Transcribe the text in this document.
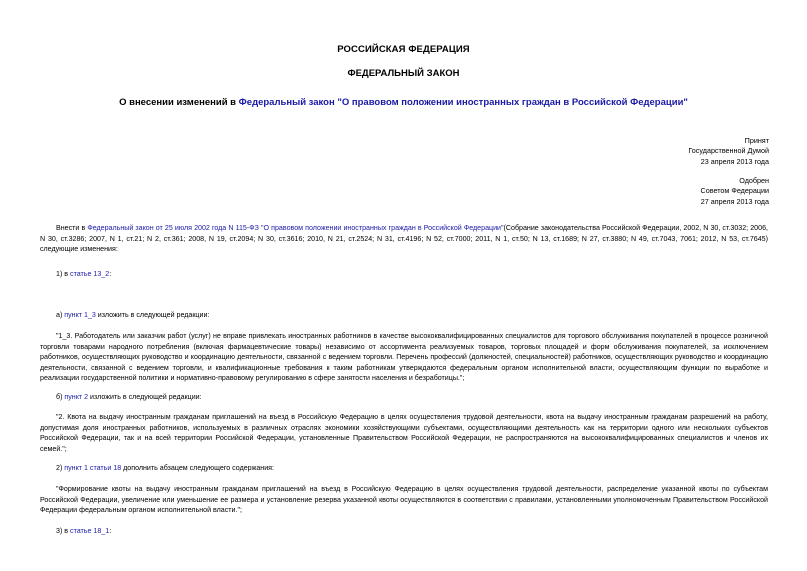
РОССИЙСКАЯ ФЕДЕРАЦИЯ
ФЕДЕРАЛЬНЫЙ ЗАКОН
О внесении изменений в Федеральный закон "О правовом положении иностранных граждан в Российской Федерации"
Принят
Государственной Думой
23 апреля 2013 года
Одобрен
Советом Федерации
27 апреля 2013 года
Внести в Федеральный закон от 25 июля 2002 года N 115-ФЗ "О правовом положении иностранных граждан в Российской Федерации"(Собрание законодательства Российской Федерации, 2002, N 30, ст.3032; 2006, N 30, ст.3286; 2007, N 1, ст.21; N 2, ст.361; 2008, N 19, ст.2094; N 30, ст.3616; 2010, N 21, ст.2524; N 31, ст.4196; N 52, ст.7000; 2011, N 1, ст.50; N 13, ст.1689; N 27, ст.3880; N 49, ст.7043, 7061; 2012, N 53, ст.7645) следующие изменения:
1) в статье 13_2:
а) пункт 1_3 изложить в следующей редакции:
"1_3. Работодатель или заказчик работ (услуг) не вправе привлекать иностранных работников в качестве высококвалифицированных специалистов для торгового обслуживания покупателей в процессе розничной торговли товарами народного потребления (включая фармацевтические товары) независимо от ассортимента реализуемых товаров, торговых площадей и форм обслуживания покупателей, за исключением работников, осуществляющих руководство и координацию деятельности, связанной с ведением торговли. Перечень профессий (должностей, специальностей) работников, осуществляющих руководство и координацию деятельности, связанной с ведением торговли, и квалификационные требования к таким работникам утверждаются федеральным органом исполнительной власти, осуществляющим функции по выработке и реализации государственной политики и нормативно-правовому регулированию в сфере занятости населения и безработицы.";
б) пункт 2 изложить в следующей редакции:
"2. Квота на выдачу иностранным гражданам приглашений на въезд в Российскую Федерацию в целях осуществления трудовой деятельности, квота на выдачу иностранным гражданам разрешений на работу, допустимая доля иностранных работников, используемых в различных отраслях экономики хозяйствующими субъектами, осуществляющими деятельность как на территории одного или нескольких субъектов Российской Федерации, так и на всей территории Российской Федерации, установленные Правительством Российской Федерации, не распространяются на высококвалифицированных специалистов и членов их семей.";
2) пункт 1 статьи 18 дополнить абзацем следующего содержания:
"Формирование квоты на выдачу иностранным гражданам приглашений на въезд в Российскую Федерацию в целях осуществления трудовой деятельности, распределение указанной квоты по субъектам Российской Федерации, увеличение или уменьшение ее размера и установление резерва указанной квоты осуществляются в соответствии с правилами, установленными уполномоченным Правительством Российской Федерации федеральным органом исполнительной власти.";
3) в статье 18_1:
